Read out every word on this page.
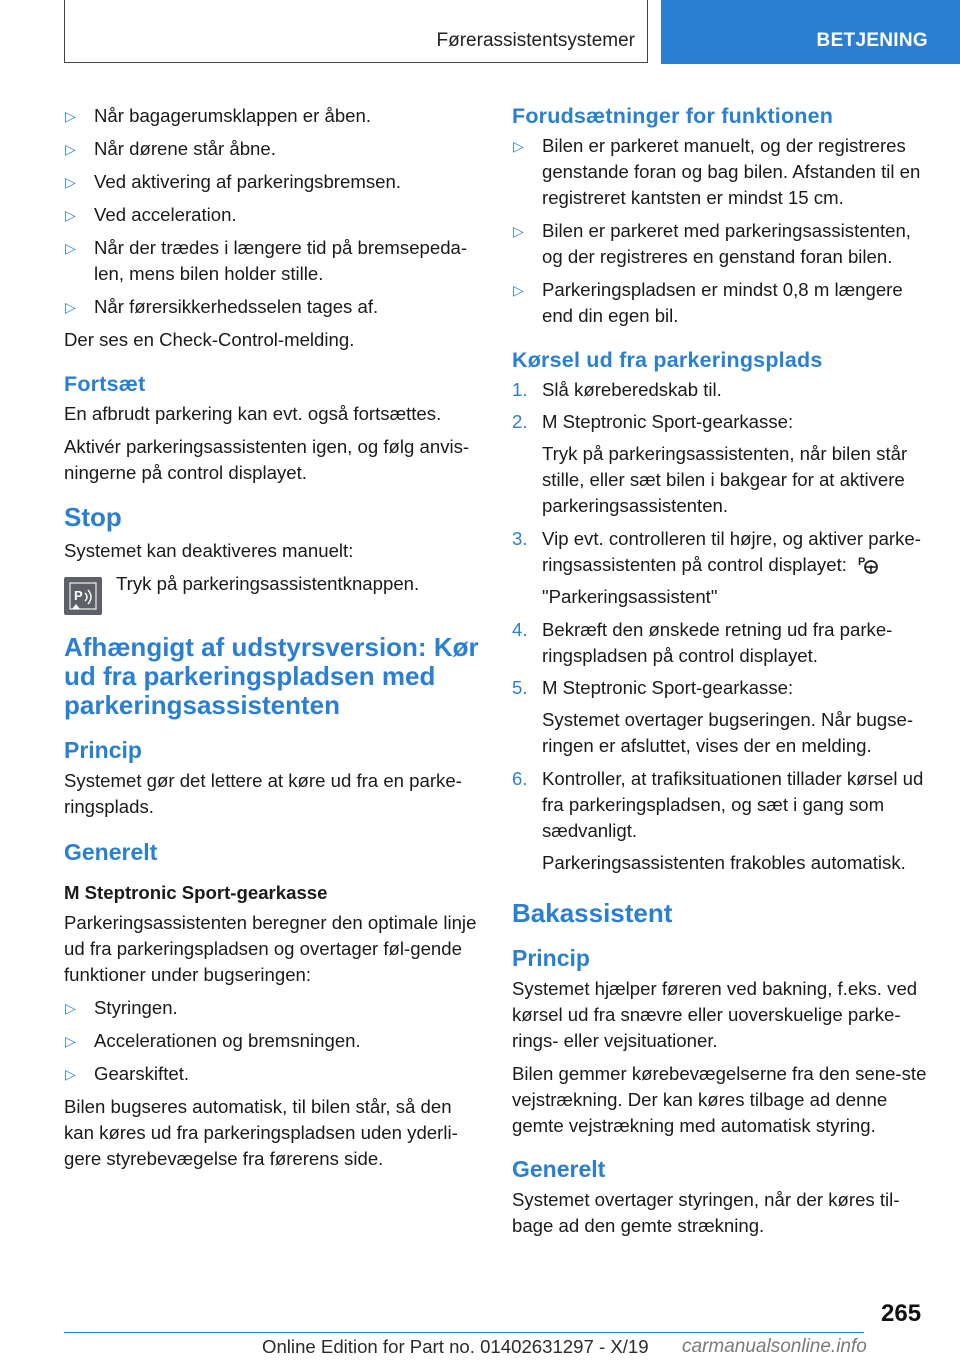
Førerassistentsystemer	BETJENING
▷ Når bagagerumsklappen er åben.
▷ Når dørene står åbne.
▷ Ved aktivering af parkeringsbremsen.
▷ Ved acceleration.
▷ Når der trædes i længere tid på bremsepeda-len, mens bilen holder stille.
▷ Når førersikkerhedsselen tages af.

Der ses en Check-Control-melding.

Fortsæt

En afbrudt parkering kan evt. også fortsættes.

Aktivér parkeringsassistenten igen, og følg anvis-ningerne på control displayet.

Stop

Systemet kan deaktiveres manuelt:

P
Tryk på parkeringsassistentknappen.
Afhængigt af udstyrsversion: Kør ud fra parkeringspladsen med parkeringsassistenten
Princip

Systemet gør det lettere at køre ud fra en parke-ringsplads.

Generelt
M Steptronic Sport-gearkasse

Parkeringsassistenten beregner den optimale linje ud fra parkeringspladsen og overtager føl-gende funktioner under bugseringen:

▷ Styringen.
▷ Accelerationen og bremsningen.
▷ Gearskiftet.

Bilen bugseres automatisk, til bilen står, så den kan køres ud fra parkeringspladsen uden yderli-gere styrebevægelse fra førerens side.

Forudsætninger for funktionen
▷ Bilen er parkeret manuelt, og der registreres genstande foran og bag bilen. Afstanden til en registreret kantsten er mindst 15 cm.
▷ Bilen er parkeret med parkeringsassistenten, og der registreres en genstand foran bilen.
▷ Parkeringspladsen er mindst 0,8 m længere end din egen bil.
Kørsel ud fra parkeringsplads
1. Slå køreberedskab til.
2. M Steptronic Sport-gearkasse:
Tryk på parkeringsassistenten, når bilen står stille, eller sæt bilen i bakgear for at aktivere parkeringsassistenten.
3. Vip evt. controlleren til højre, og aktiver parke-ringsassistenten på control displayet: P
"Parkeringsassistent"
4. Bekræft den ønskede retning ud fra parke-ringspladsen på control displayet.
5. M Steptronic Sport-gearkasse:
Systemet overtager bugseringen. Når bugse-ringen er afsluttet, vises der en melding.
6. Kontroller, at trafiksituationen tillader kørsel ud fra parkeringspladsen, og sæt i gang som sædvanligt.
Parkeringsassistenten frakobles automatisk.
Bakassistent
Princip

Systemet hjælper føreren ved bakning, f.eks. ved kørsel ud fra snævre eller uoverskuelige parke-rings- eller vejsituationer.

Bilen gemmer kørebevægelserne fra den sene-ste vejstrækning. Der kan køres tilbage ad denne gemte vejstrækning med automatisk styring.

Generelt

Systemet overtager styringen, når der køres til-bage ad den gemte strækning.

265
Online Edition for Part no. 01402631297 - X/19 carmanualsonline.info
